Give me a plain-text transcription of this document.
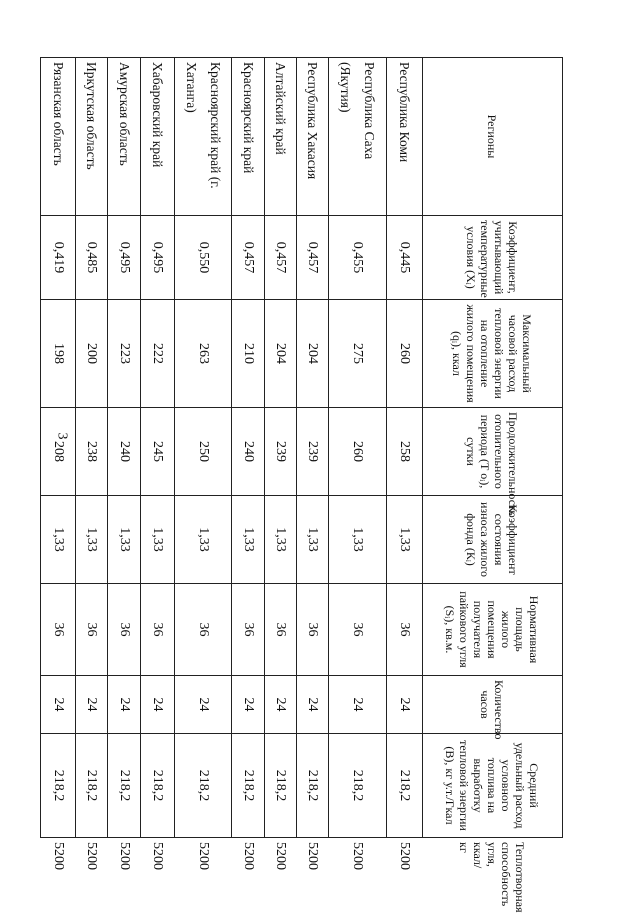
3
Регионы	Коэффициент, учитывающий температурные условия (Xᵢ)	Максимальный часовой расход тепловой энергии на отопление жилого помещения (qᵢ), ккал	Продолжительность отопительного периода (Т оᵢ), сутки	Коэффициент состояния износа жилого фонда (Кᵢ)	Нормативная площадь жилого помещения получателя пайкового угля (Sᵢ), кв.м.	Количество часов	Средний удельный расход условного топлива на выработку тепловой энергии (В), кг у.т./Гкал	Теплотворная способность угля, ккал/кг
Республика Коми	0,445	260	258	1,33	36	24	218,2	5200
Республика Саха (Якутия)	0,455	275	260	1,33	36	24	218,2	5200
Республика Хакасия	0,457	204	239	1,33	36	24	218,2	5200
Алтайский край	0,457	204	239	1,33	36	24	218,2	5200
Красноярский край	0,457	210	240	1,33	36	24	218,2	5200
Красноярский край (г. Хатанга)	0,550	263	250	1,33	36	24	218,2	5200
Хабаровский край	0,495	222	245	1,33	36	24	218,2	5200
Амурская область	0,495	223	240	1,33	36	24	218,2	5200
Иркутская область	0,485	200	238	1,33	36	24	218,2	5200
Рязанская область	0,419	198	208	1,33	36	24	218,2	5200
